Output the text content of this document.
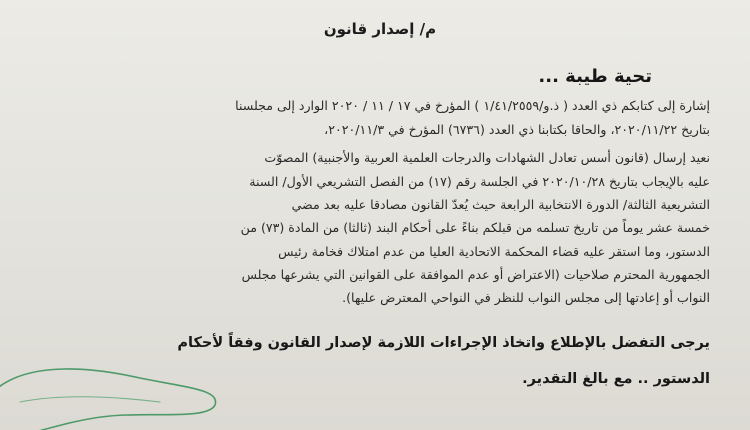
م/ إصدار قانون
تحية طيبة ...
إشارة إلى كتابكم ذي العدد ( ذ.و/١/٤١/٢٥٥٩ ) المؤرخ في ١٧ / ١١ / ٢٠٢٠ الوارد إلى مجلسنا
بتاريخ ٢٠٢٠/١١/٢٢، والحاقا بكتابنا ذي العدد (٦٧٣٦) المؤرخ في ٢٠٢٠/١١/٣،
نعيد إرسال (قانون أسس تعادل الشهادات والدرجات العلمية العربية والأجنبية) المصوّت
عليه بالإيجاب بتاريخ ٢٠٢٠/١٠/٢٨ في الجلسة رقم (١٧) من الفصل التشريعي الأول/ السنة
التشريعية الثالثة/ الدورة الانتخابية الرابعة حيث يُعدّ القانون مصادقا عليه بعد مضي
خمسة عشر يوماً من تاريخ تسلمه من قبلكم بناءً على أحكام البند (ثالثا) من المادة (٧٣) من
الدستور، وما استقر عليه قضاء المحكمة الاتحادية العليا من عدم امتلاك فخامة رئيس
الجمهورية المحترم صلاحيات (الاعتراض أو عدم الموافقة على القوانين التي يشرعها مجلس
النواب أو إعادتها إلى مجلس النواب للنظر في النواحي المعترض عليها).
يرجى التفضل بالإطلاع واتخاذ الإجراءات اللازمة لإصدار القانون وفقاً لأحكام
الدستور .. مع بالغ التقدير.
